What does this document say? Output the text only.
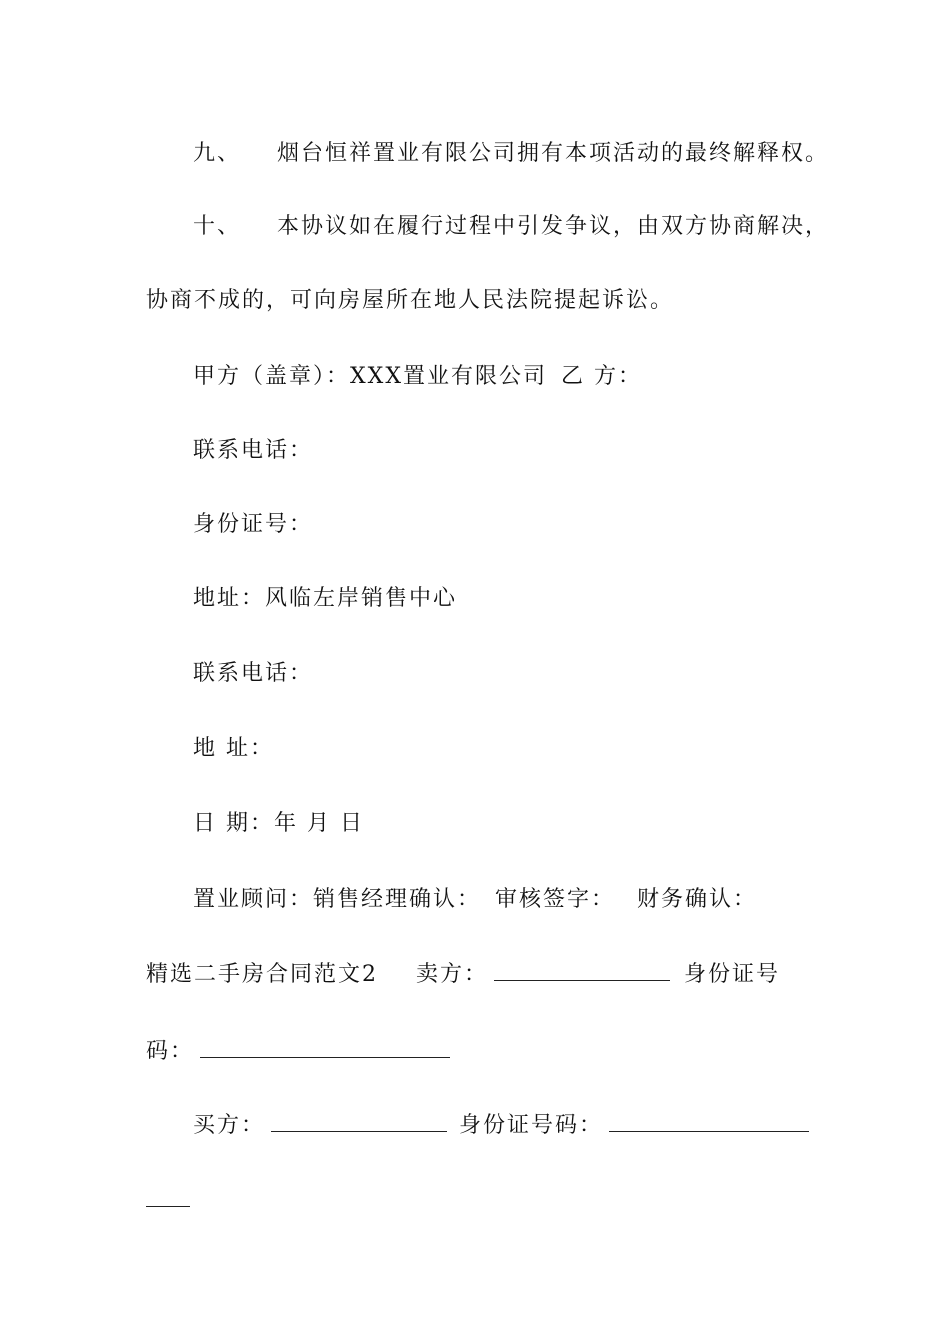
九、 烟台恒祥置业有限公司拥有本项活动的最终解释权。
十、 本协议如在履行过程中引发争议，由双方协商解决，
协商不成的，可向房屋所在地人民法院提起诉讼。
甲方（盖章）：XXX置业有限公司 乙 方：
联系电话：
身份证号：
地址：风临左岸销售中心
联系电话：
地 址：
日 期：年 月 日
置业顾问：销售经理确认： 审核签字： 财务确认：
精选二手房合同范文2 卖方：	身份证号
码：
买方：	身份证号码：
